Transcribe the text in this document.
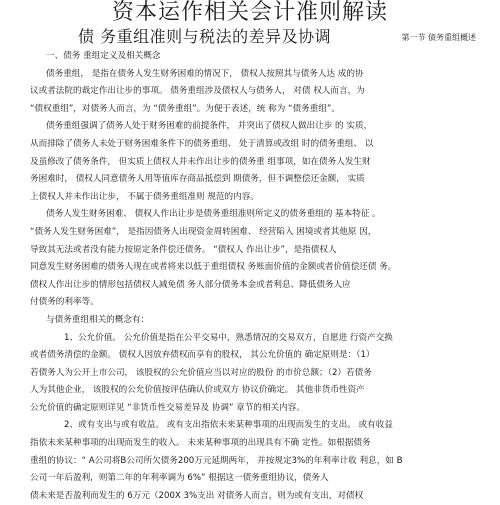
资本运作相关会计准则解读
债 务重组准则与税法的差异及协调	第一节 债务重组概述
一、债务 重组定义及相关概念
债务重组， 是指在债务人发生财务困难的情况下， 债权人按照其与债务人达 成的协
议或者法院的裁定作出让步的事项。 债务重组涉及债权人与债务人， 对债 权人而言，为
“债权重组”，对债务人而言，为 “债务重组”。为便于表述，统 称为 “债务重组”。
债务重组强调了债务人处于财务困难的前提条件， 并突出了债权人做出让步 的 实质，
从而排除了债务人未处于财务困难条件下的债务重组、 处于清算或改组 时的债务重组、 以
及虽修改了债务条件， 但实质上债权人并未作出让步的债务重 组事项，如在债务人发生财
务困难时， 债权人同意债务人用等值库存商品抵偿到 期债务，但不调整偿还金额， 实质
上债权人并未作出让步， 不属于债务重组准则 规范的内容。
债务人发生财务困难、 债权人作出让步是债务重组准则所定义的债务重组的 基本特征 。
“债务人发生财务困难”， 是指因债务人出现资金周转困难、 经营陷入 困境或者其他原 因，
导致其无法或者没有能力按原定条件偿还债务。 “债权人 作出让步”，是指债权人
同意发生财务困难的债务人现在或者将来以低于重组债权 务账面价值的金额或者价值偿还债 务。
债权人作出让步的情形包括债权人减免债 务人部分债务本金或者利息、降低债务人应
付债务的利率等。
与债务重组相关的概念有：
1、公允价值。 公允价值是指在公平交易中，熟悉情况的交易双方，自愿进 行资产交换
或者债务清偿的金额。 债权人因放弃债权而享有的股权， 其公允价值的 确定原则是：（1）
若债务人为公开上市公司， 该股权的公允价值应当以对应的股份 的市价总额；（2）若债务
人为其他企业， 该股权的公允价值按评估确认价或双方 协议价确定。 其他非货币性资产
公允价值的确定原则详见 “非货币性交易差异及 协调” 章节的相关内容。
2、或有支出与或有收益。 或有支出指依未来某种事项的出现而发生的支出。 或有收益
指依未来某种事项的出现而发生的收入。 未来某种事项的出现具有不确 定性。如根据债务
重组的协议：“ A公司将B公司所欠债务200万元延期两年， 并按规定3%的年利率计收 利息，如 B
公司一年后盈利，则第二年的年利率调为 6%” 根据这一债务重组协议，债务人
债未来是否盈利而发生的 6万元（200X 3%支出 对债务人而言，则为或有支出，对债权
